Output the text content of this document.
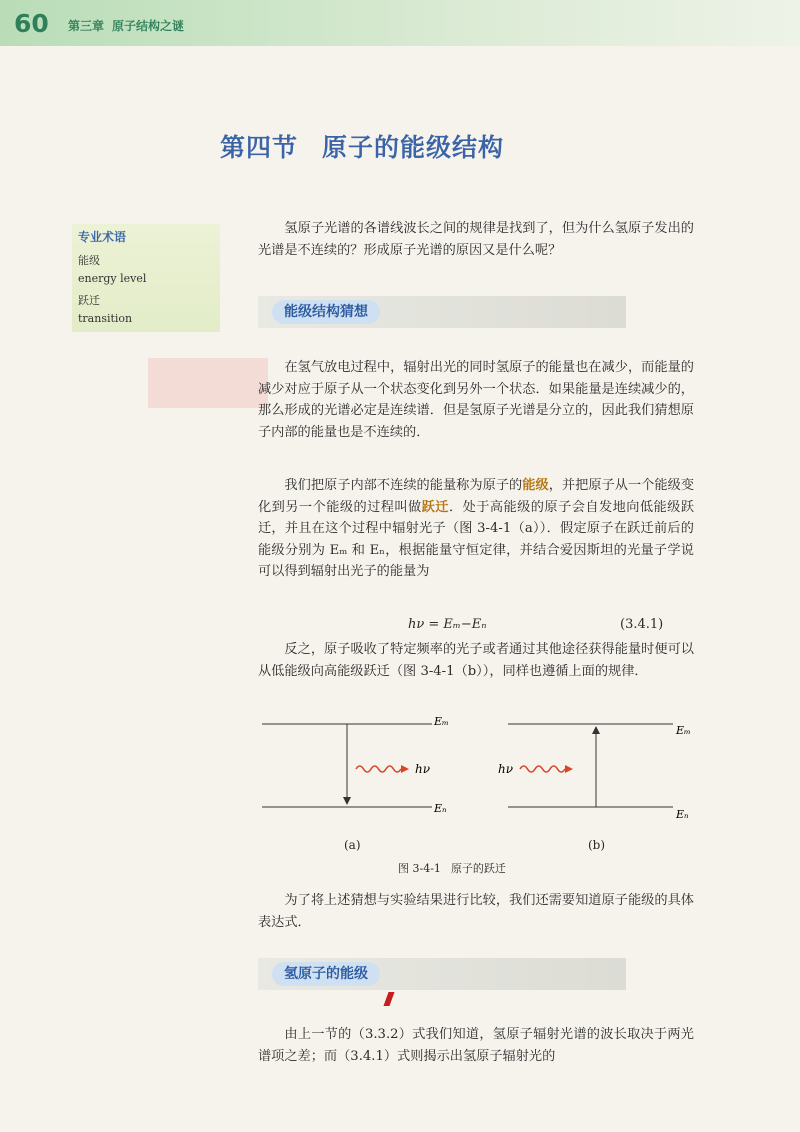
60 第三章 原子结构之谜
第四节 原子的能级结构
专业术语
能级
energy level
跃迁
transition

氢原子光谱的各谱线波长之间的规律是找到了，但为什么氢原子发出的光谱是不连续的？形成原子光谱的原因又是什么呢？

能级结构猜想

在氢气放电过程中，辐射出光的同时氢原子的能量也在减少，而能量的减少对应于原子从一个状态变化到另外一个状态．如果能量是连续减少的，那么形成的光谱必定是连续谱．但是氢原子光谱是分立的，因此我们猜想原子内部的能量也是不连续的．

我们把原子内部不连续的能量称为原子的能级，并把原子从一个能级变化到另一个能级的过程叫做跃迁．处于高能级的原子会自发地向低能级跃迁，并且在这个过程中辐射光子（图 3-4-1（a））．假定原子在跃迁前后的能级分别为 Eₘ 和 Eₙ，根据能量守恒定律，并结合爱因斯坦的光量子学说可以得到辐射出光子的能量为

hν = Eₘ−Eₙ	(3.4.1)

反之，原子吸收了特定频率的光子或者通过其他途径获得能量时便可以从低能级向高能级跃迁（图 3-4-1（b）），同样也遵循上面的规律．

Eₘ
Eₙ
hν
Eₘ
Eₙ
hν
(a)	(b)
图 3-4-1 原子的跃迁

为了将上述猜想与实验结果进行比较，我们还需要知道原子能级的具体表达式．

氢原子的能级

由上一节的（3.3.2）式我们知道，氢原子辐射光谱的波长取决于两光谱项之差；而（3.4.1）式则揭示出氢原子辐射光的
